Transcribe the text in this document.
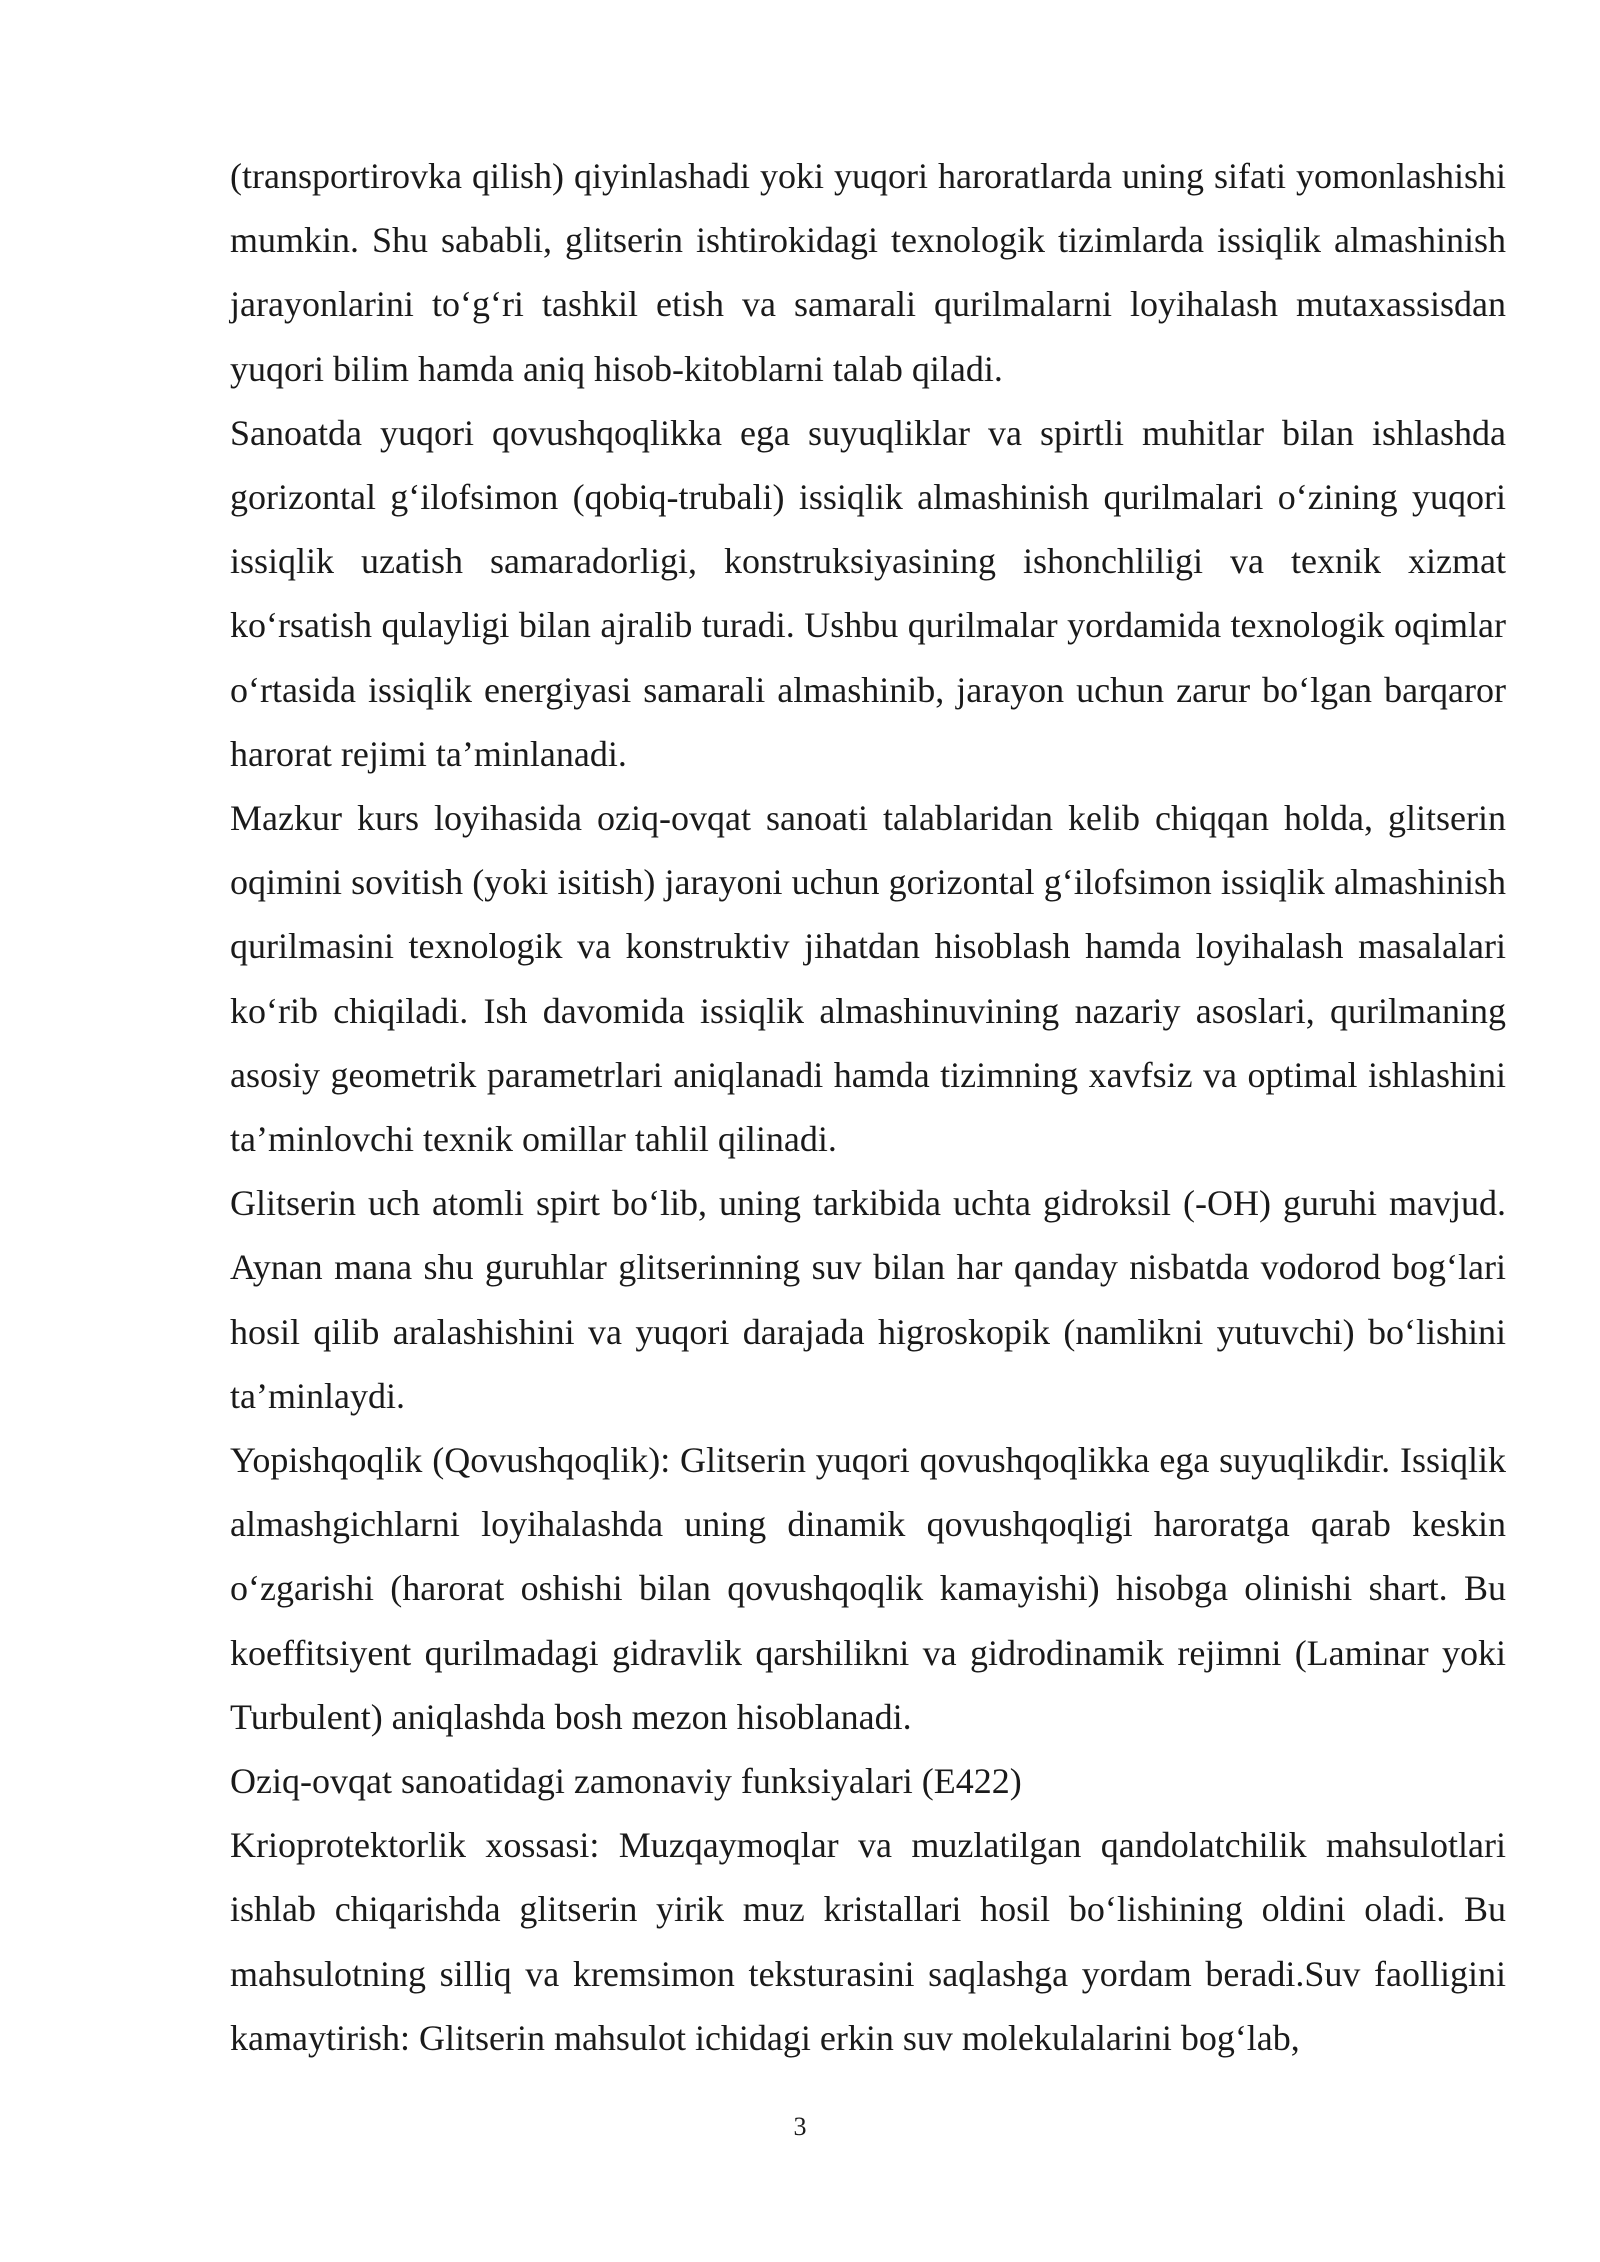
(transportirovka qilish) qiyinlashadi yoki yuqori haroratlarda uning sifati yomonlashishi mumkin. Shu sababli, glitserin ishtirokidagi texnologik tizimlarda issiqlik almashinish jarayonlarini to‘g‘ri tashkil etish va samarali qurilmalarni loyihalash mutaxassisdan yuqori bilim hamda aniq hisob-kitoblarni talab qiladi.

Sanoatda yuqori qovushqoqlikka ega suyuqliklar va spirtli muhitlar bilan ishlashda gorizontal g‘ilofsimon (qobiq-trubali) issiqlik almashinish qurilmalari o‘zining yuqori issiqlik uzatish samaradorligi, konstruksiyasining ishonchliligi va texnik xizmat ko‘rsatish qulayligi bilan ajralib turadi. Ushbu qurilmalar yordamida texnologik oqimlar o‘rtasida issiqlik energiyasi samarali almashinib, jarayon uchun zarur bo‘lgan barqaror harorat rejimi ta’minlanadi.

Mazkur kurs loyihasida oziq-ovqat sanoati talablaridan kelib chiqqan holda, glitserin oqimini sovitish (yoki isitish) jarayoni uchun gorizontal g‘ilofsimon issiqlik almashinish qurilmasini texnologik va konstruktiv jihatdan hisoblash hamda loyihalash masalalari ko‘rib chiqiladi. Ish davomida issiqlik almashinuvining nazariy asoslari, qurilmaning asosiy geometrik parametrlari aniqlanadi hamda tizimning xavfsiz va optimal ishlashini ta’minlovchi texnik omillar tahlil qilinadi.

Glitserin uch atomli spirt bo‘lib, uning tarkibida uchta gidroksil (-OH) guruhi mavjud. Aynan mana shu guruhlar glitserinning suv bilan har qanday nisbatda vodorod bog‘lari hosil qilib aralashishini va yuqori darajada higroskopik (namlikni yutuvchi) bo‘lishini ta’minlaydi.

Yopishqoqlik (Qovushqoqlik): Glitserin yuqori qovushqoqlikka ega suyuqlikdir. Issiqlik almashgichlarni loyihalashda uning dinamik qovushqoqligi haroratga qarab keskin o‘zgarishi (harorat oshishi bilan qovushqoqlik kamayishi) hisobga olinishi shart. Bu koeffitsiyent qurilmadagi gidravlik qarshilikni va gidrodinamik rejimni (Laminar yoki Turbulent) aniqlashda bosh mezon hisoblanadi.

Oziq-ovqat sanoatidagi zamonaviy funksiyalari (E422)

Krioprotektorlik xossasi: Muzqaymoqlar va muzlatilgan qandolatchilik mahsulotlari ishlab chiqarishda glitserin yirik muz kristallari hosil bo‘lishining oldini oladi. Bu mahsulotning silliq va kremsimon teksturasini saqlashga yordam beradi.Suv faolligini kamaytirish: Glitserin mahsulot ichidagi erkin suv molekulalarini bog‘lab,

3
